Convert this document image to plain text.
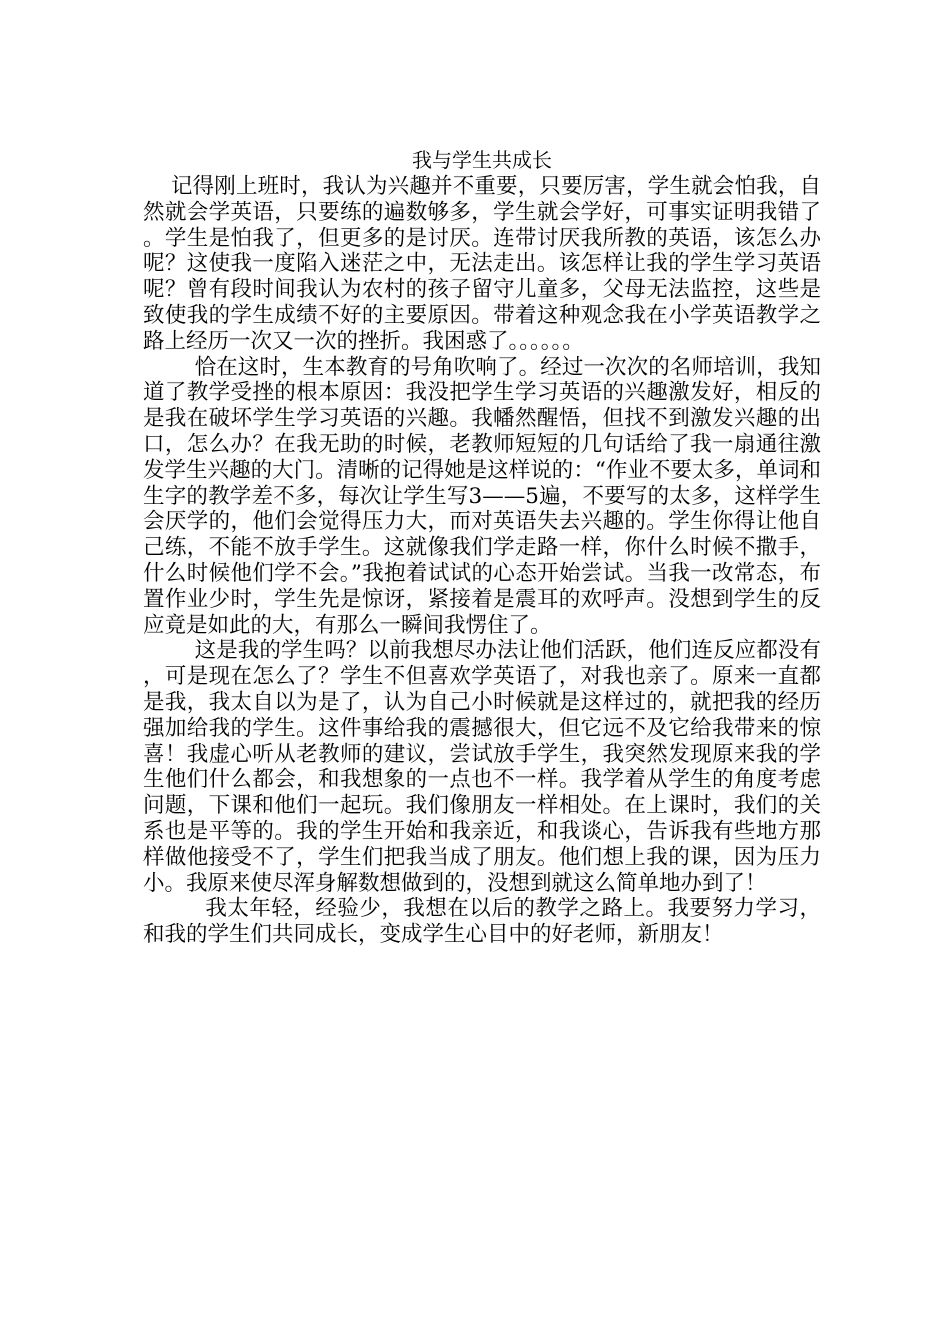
我与学生共成长

记得刚上班时，我认为兴趣并不重要，只要厉害，学生就会怕我，自然就会学英语，只要练的遍数够多，学生就会学好，可事实证明我错了。学生是怕我了，但更多的是讨厌。连带讨厌我所教的英语，该怎么办呢？这使我一度陷入迷茫之中，无法走出。该怎样让我的学生学习英语呢？曾有段时间我认为农村的孩子留守儿童多，父母无法监控，这些是致使我的学生成绩不好的主要原因。带着这种观念我在小学英语教学之路上经历一次又一次的挫折。我困惑了。。。。。。

恰在这时，生本教育的号角吹响了。经过一次次的名师培训，我知道了教学受挫的根本原因：我没把学生学习英语的兴趣激发好，相反的是我在破坏学生学习英语的兴趣。我幡然醒悟，但找不到激发兴趣的出口，怎么办？在我无助的时候，老教师短短的几句话给了我一扇通往激发学生兴趣的大门。清晰的记得她是这样说的：“作业不要太多，单词和生字的教学差不多，每次让学生写3——5遍，不要写的太多，这样学生会厌学的，他们会觉得压力大，而对英语失去兴趣的。学生你得让他自己练，不能不放手学生。这就像我们学走路一样，你什么时候不撒手，什么时候他们学不会。”我抱着试试的心态开始尝试。当我一改常态，布置作业少时，学生先是惊讶，紧接着是震耳的欢呼声。没想到学生的反应竟是如此的大，有那么一瞬间我愣住了。

这是我的学生吗？以前我想尽办法让他们活跃，他们连反应都没有，可是现在怎么了？学生不但喜欢学英语了，对我也亲了。原来一直都是我，我太自以为是了，认为自己小时候就是这样过的，就把我的经历强加给我的学生。这件事给我的震撼很大，但它远不及它给我带来的惊喜！我虚心听从老教师的建议，尝试放手学生，我突然发现原来我的学生他们什么都会，和我想象的一点也不一样。我学着从学生的角度考虑问题，下课和他们一起玩。我们像朋友一样相处。在上课时，我们的关系也是平等的。我的学生开始和我亲近，和我谈心，告诉我有些地方那样做他接受不了，学生们把我当成了朋友。他们想上我的课，因为压力小。我原来使尽浑身解数想做到的，没想到就这么简单地办到了！

我太年轻，经验少，我想在以后的教学之路上。我要努力学习，和我的学生们共同成长，变成学生心目中的好老师，新朋友！
